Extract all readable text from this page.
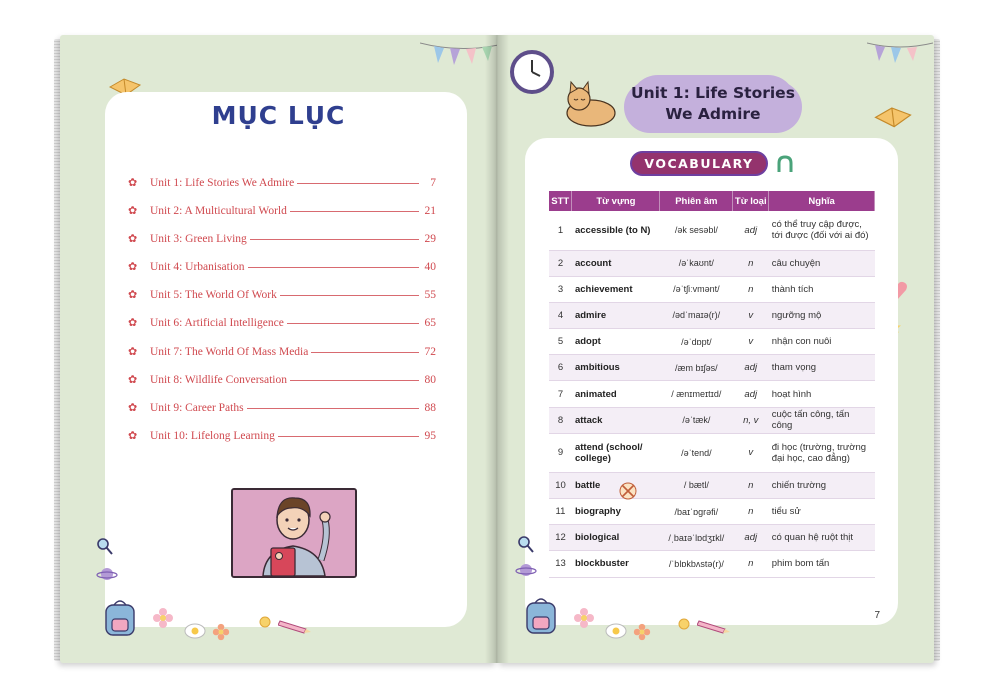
MỤC LỤC
✿	Unit 1: Life Stories We Admire	7
✿	Unit 2: A Multicultural World	21
✿	Unit 3: Green Living	29
✿	Unit 4: Urbanisation	40
✿	Unit 5: The World Of Work	55
✿	Unit 6: Artificial Intelligence	65
✿	Unit 7: The World Of Mass Media	72
✿	Unit 8: Wildlife Conversation	80
✿	Unit 9: Career Paths	88
✿	Unit 10: Lifelong Learning	95
Unit 1: Life Stories
We Admire
VOCABULARY
STT	Từ vựng	Phiên âm	Từ loại	Nghĩa
1	accessible (to N)	/ək sesəbl/	adj	có thể truy cập được, tới được (đối với ai đó)
2	account	/əˈkaʊnt/	n	câu chuyện
3	achievement	/əˈtʃiːvmənt/	n	thành tích
4	admire	/ədˈmaɪə(r)/	v	ngưỡng mộ
5	adopt	/əˈdɒpt/	v	nhận con nuôi
6	ambitious	/æm bɪʃəs/	adj	tham vọng
7	animated	/ ænɪmeɪtɪd/	adj	hoạt hình
8	attack	/əˈtæk/	n, v	cuộc tấn công, tấn công
9	attend (school/ college)	/əˈtend/	v	đi học (trường, trường đại học, cao đẳng)
10	battle	/ bætl/	n	chiến trường
11	biography	/baɪˈɒɡrəfi/	n	tiểu sử
12	biological	/ˌbaɪəˈlɒdʒɪkl/	adj	có quan hệ ruột thịt
13	blockbuster	/ˈblɒkbʌstə(r)/	n	phim bom tấn
7
